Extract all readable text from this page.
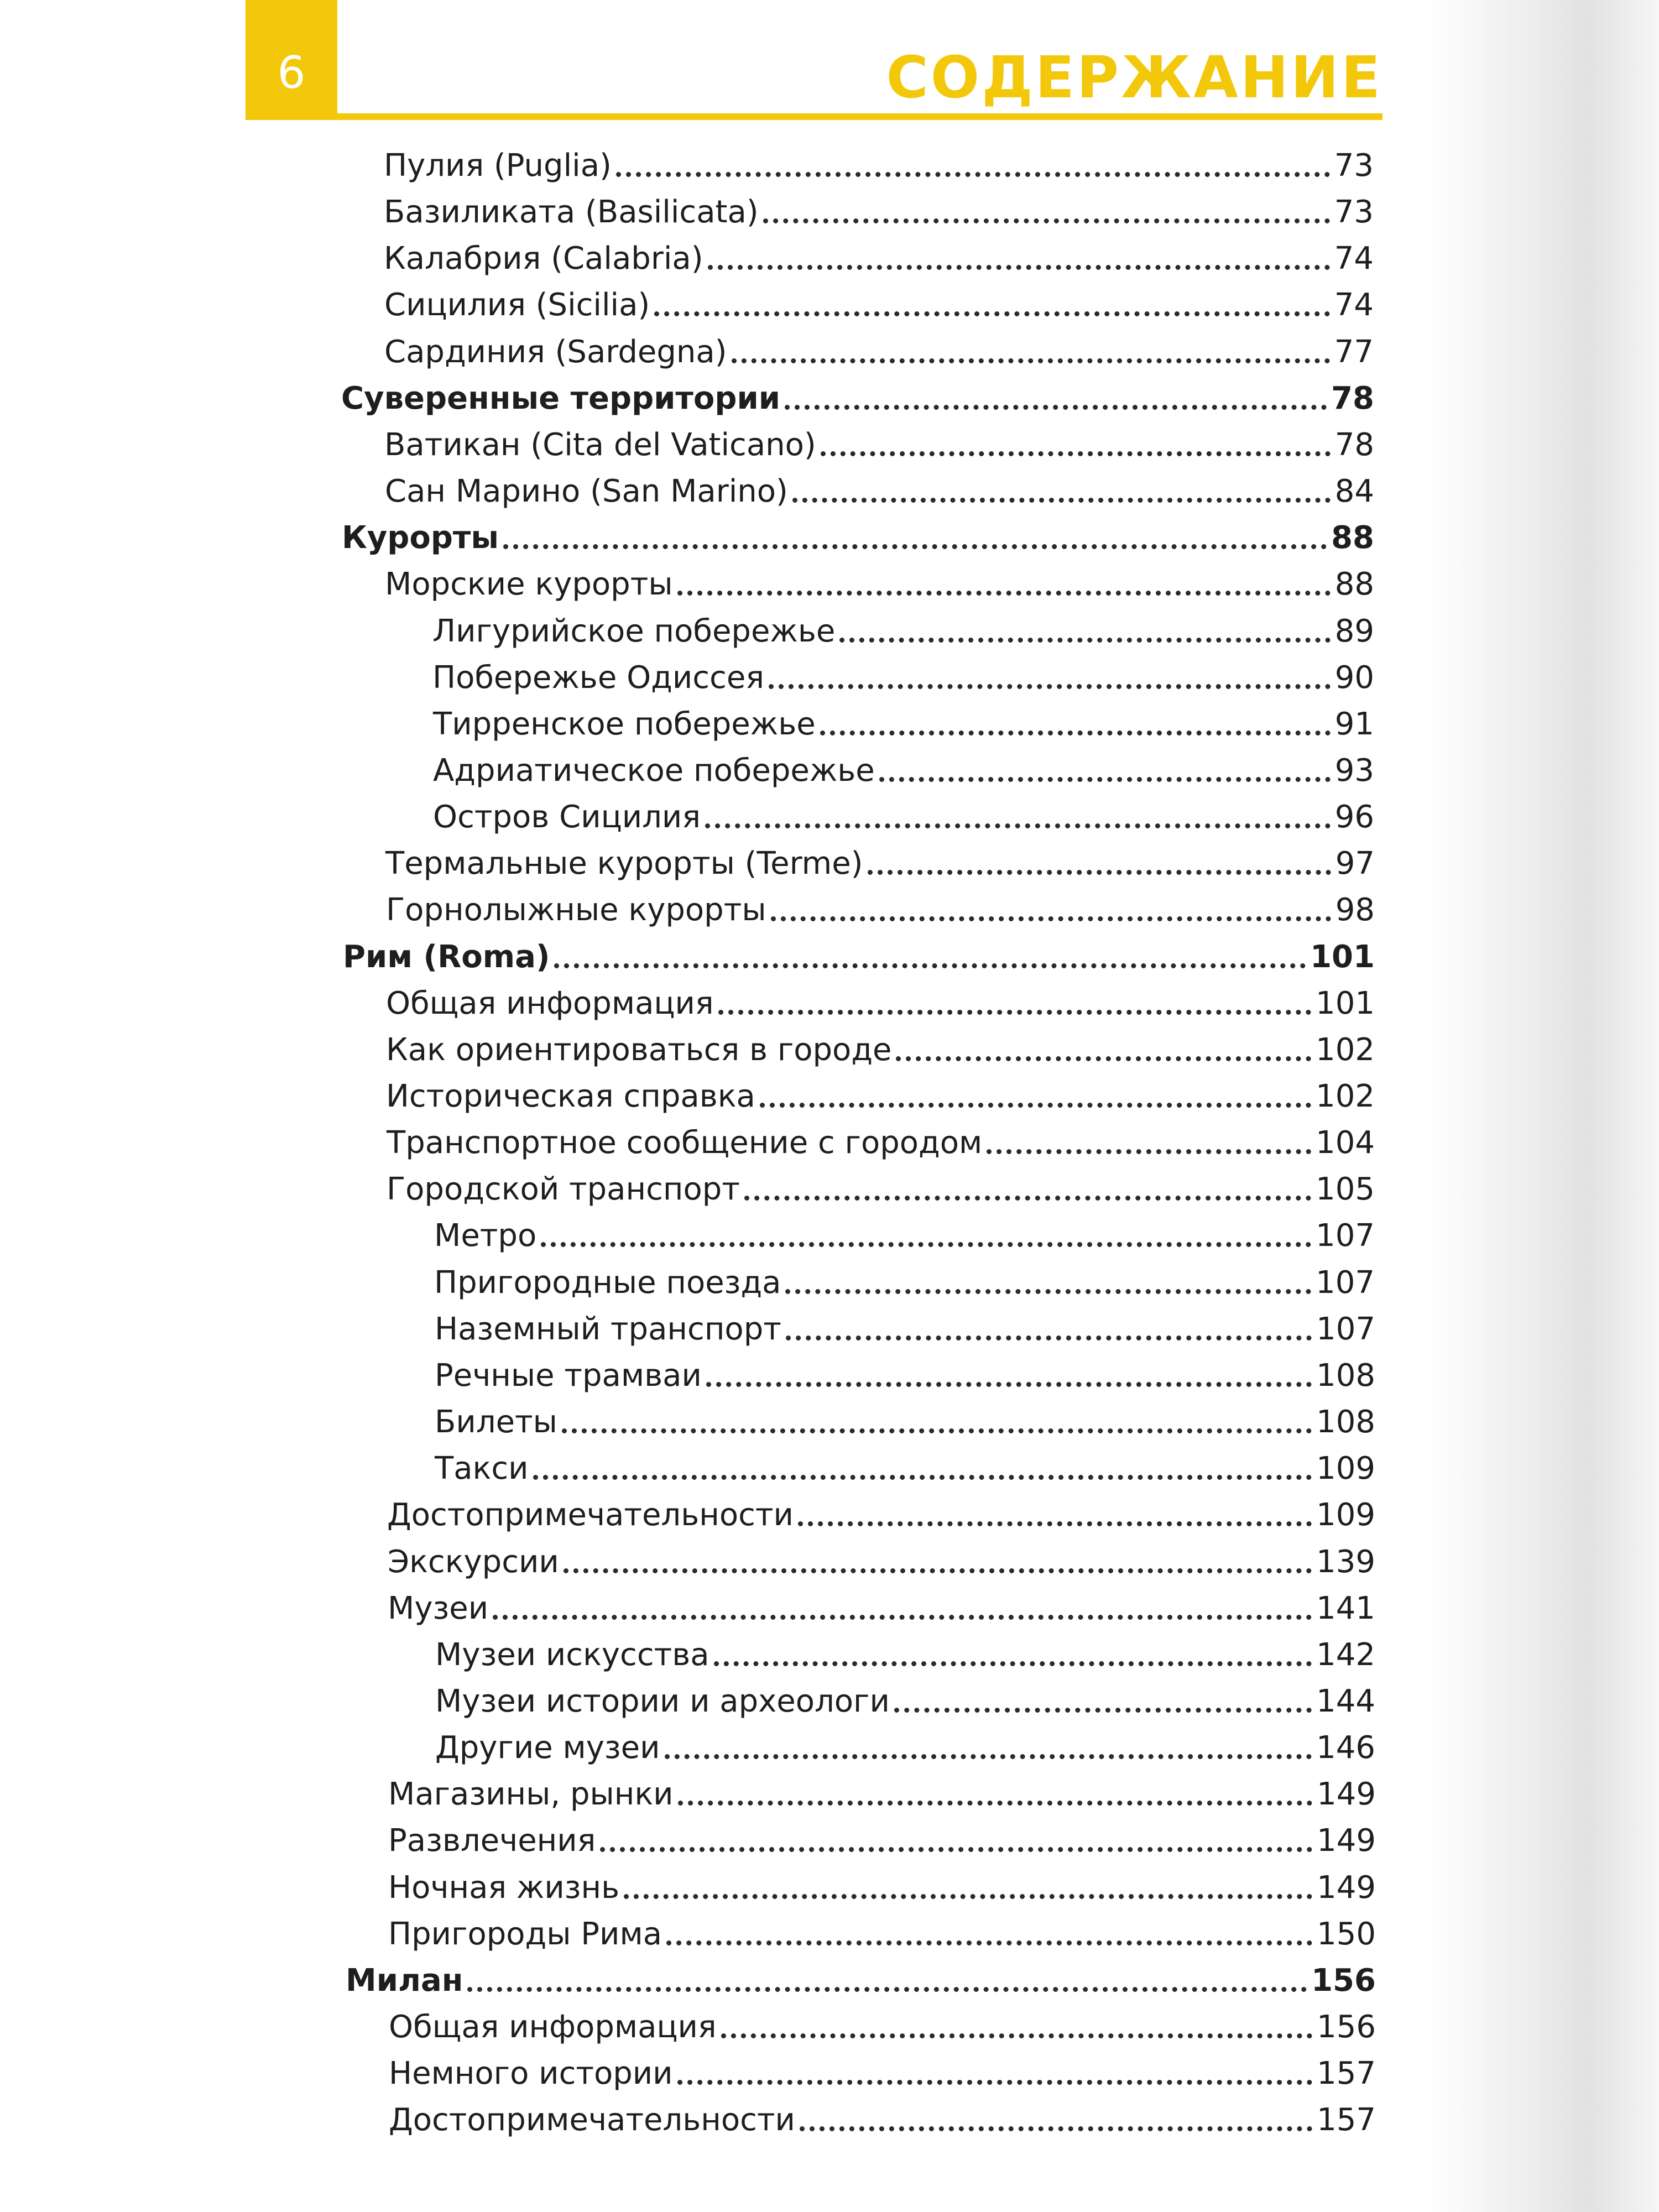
6	СОДЕРЖАНИЕ
Пулия (Puglia)	73
Базиликата (Basilicata)	73
Калабрия (Calabria)	74
Сицилия (Sicilia)	74
Сардиния (Sardegna)	77
Суверенные территории	78
Ватикан (Cita del Vaticano)	78
Сан Марино (San Marino)	84
Курорты	88
Морские курорты	88
Лигурийское побережье	89
Побережье Одиссея	90
Тирренское побережье	91
Адриатическое побережье	93
Остров Сицилия	96
Термальные курорты (Terme)	97
Горнолыжные курорты	98
Рим (Roma)	101
Общая информация	101
Как ориентироваться в городе	102
Историческая справка	102
Транспортное сообщение с городом	104
Городской транспорт	105
Метро	107
Пригородные поезда	107
Наземный транспорт	107
Речные трамваи	108
Билеты	108
Такси	109
Достопримечательности	109
Экскурсии	139
Музеи	141
Музеи искусства	142
Музеи истории и археологи	144
Другие музеи	146
Магазины, рынки	149
Развлечения	149
Ночная жизнь	149
Пригороды Рима	150
Милан	156
Общая информация	156
Немного истории	157
Достопримечательности	157
